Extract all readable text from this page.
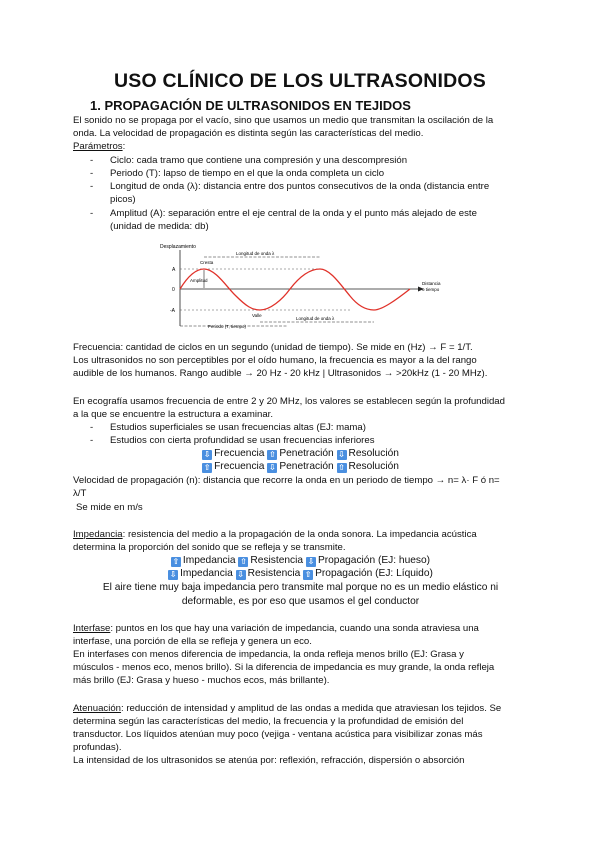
USO CLÍNICO DE LOS ULTRASONIDOS
1. PROPAGACIÓN DE ULTRASONIDOS EN TEJIDOS
El sonido no se propaga por el vacío, sino que usamos un medio que transmitan la oscilación de la
onda. La velocidad de propagación es distinta según las características del medio.
Parámetros:
- Ciclo: cada tramo que contiene una compresión y una descompresión
- Periodo (T): lapso de tiempo en el que la onda completa un ciclo
- Longitud de onda (λ): distancia entre dos puntos consecutivos de la onda (distancia entre
picos)
- Amplitud (A): separación entre el eje central de la onda y el punto más alejado de este
(unidad de medida: db)
Desplazamiento
A
0
-A
Cresta
Amplitud
Valle
Longitud de onda λ
Longitud de onda λ
Periodo (T, tiempo)
Distancia
o tiempo
Frecuencia: cantidad de ciclos en un segundo (unidad de tiempo). Se mide en (Hz) → F = 1/T.
Los ultrasonidos no son perceptibles por el oído humano, la frecuencia es mayor a la del rango
audible de los humanos. Rango audible → 20 Hz - 20 kHz | Ultrasonidos → >20kHz (1 - 20 MHz).
En ecografía usamos frecuencia de entre 2 y 20 MHz, los valores se establecen según la profundidad
a la que se encuentre la estructura a examinar.
- Estudios superficiales se usan frecuencias altas (EJ: mama)
- Estudios con cierta profundidad se usan frecuencias inferiores
⇩ Frecuencia ⇧ Penetración ⇩ Resolución
⇧ Frecuencia ⇩ Penetración ⇧ Resolución
Velocidad de propagación (n): distancia que recorre la onda en un periodo de tiempo → n= λ· F ó n=
λ/T
Se mide en m/s
Impedancia: resistencia del medio a la propagación de la onda sonora. La impedancia acústica
determina la proporción del sonido que se refleja y se transmite.
⇧ Impedancia ⇧ Resistencia ⇩ Propagación (EJ: hueso)
⇩ Impedancia ⇩ Resistencia ⇧ Propagación (EJ: Líquido)
El aire tiene muy baja impedancia pero transmite mal porque no es un medio elástico ni
deformable, es por eso que usamos el gel conductor
Interfase: puntos en los que hay una variación de impedancia, cuando una sonda atraviesa una
interfase, una porción de ella se refleja y genera un eco.
En interfases con menos diferencia de impedancia, la onda refleja menos brillo (EJ: Grasa y
músculos - menos eco, menos brillo). Si la diferencia de impedancia es muy grande, la onda refleja
más brillo (EJ: Grasa y hueso - muchos ecos, más brillante).
Atenuación: reducción de intensidad y amplitud de las ondas a medida que atraviesan los tejidos. Se
determina según las características del medio, la frecuencia y la profundidad de emisión del
transductor. Los líquidos atenúan muy poco (vejiga - ventana acústica para visibilizar zonas más
profundas).
La intensidad de los ultrasonidos se atenúa por: reflexión, refracción, dispersión o absorción
